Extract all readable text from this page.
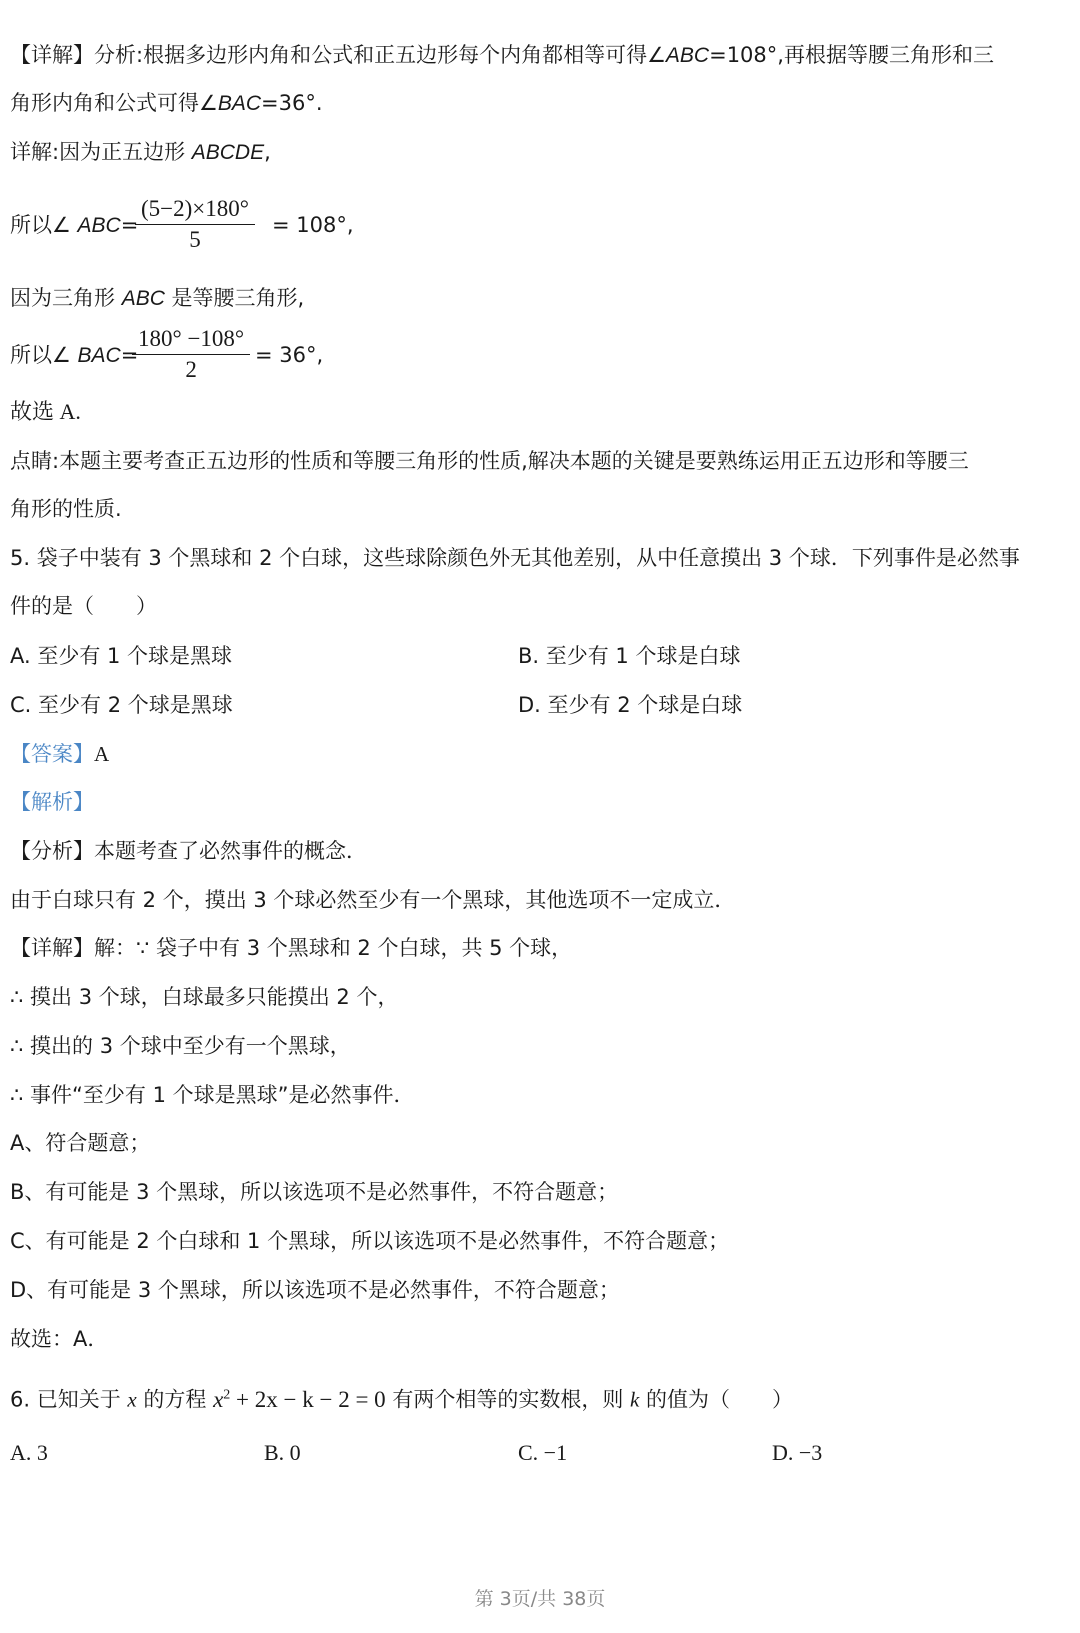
【详解】分析:根据多边形内角和公式和正五边形每个内角都相等可得∠ABC=108°,再根据等腰三角形和三
角形内角和公式可得∠BAC=36°.
详解:因为正五边形 ABCDE,
所以∠ ABC=
(5−2)×180°
5
= 108°,
因为三角形 ABC 是等腰三角形,
所以∠ BAC=
180° −108°
2
= 36°,
故选 A.
点睛:本题主要考查正五边形的性质和等腰三角形的性质,解决本题的关键是要熟练运用正五边形和等腰三
角形的性质.
5. 袋子中装有 3 个黑球和 2 个白球，这些球除颜色外无其他差别，从中任意摸出 3 个球．下列事件是必然事
件的是（　　）
A. 至少有 1 个球是黑球	B. 至少有 1 个球是白球
C. 至少有 2 个球是黑球	D. 至少有 2 个球是白球
【答案】A
【解析】
【分析】本题考查了必然事件的概念．
由于白球只有 2 个，摸出 3 个球必然至少有一个黑球，其他选项不一定成立．
【详解】解：∵ 袋子中有 3 个黑球和 2 个白球，共 5 个球，
∴ 摸出 3 个球，白球最多只能摸出 2 个，
∴ 摸出的 3 个球中至少有一个黑球，
∴ 事件“至少有 1 个球是黑球”是必然事件．
A、符合题意；
B、有可能是 3 个黑球，所以该选项不是必然事件，不符合题意；
C、有可能是 2 个白球和 1 个黑球，所以该选项不是必然事件，不符合题意；
D、有可能是 3 个黑球，所以该选项不是必然事件，不符合题意；
故选：A．
6. 已知关于 x 的方程 $x^2 + 2x - k - 2 = 0$ 有两个相等的实数根，则 k 的值为（　　）
A. 3	B. 0	C. −1	D. −3
第 3页/共 38页
